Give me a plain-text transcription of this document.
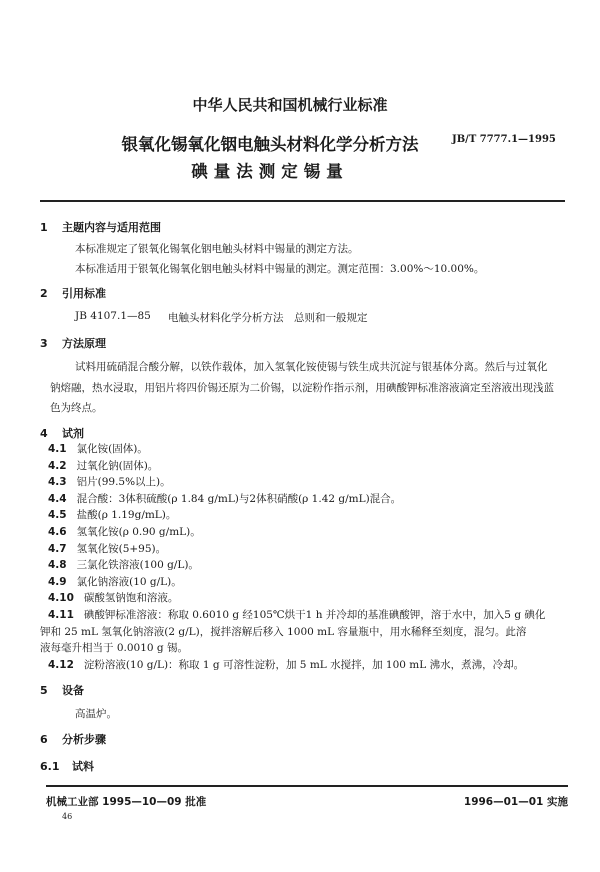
中华人民共和国机械行业标准
银氧化锡氧化铟电触头材料化学分析方法
碘量法测定锡量
JB/T 7777.1—1995
1 主题内容与适用范围
本标准规定了银氧化锡氧化铟电触头材料中锡量的测定方法。
本标准适用于银氧化锡氧化铟电触头材料中锡量的测定。测定范围：3.00%～10.00%。
2 引用标准
JB 4107.1—85 电触头材料化学分析方法　总则和一般规定
3 方法原理
试料用硫硝混合酸分解，以铁作载体，加入氢氧化铵使锡与铁生成共沉淀与银基体分离。然后与过氧化钠熔融，热水浸取，用铝片将四价锡还原为二价锡，以淀粉作指示剂，用碘酸钾标准溶液滴定至溶液出现浅蓝色为终点。
4 试剂
4.1 氯化铵(固体)。
4.2 过氧化钠(固体)。
4.3 铝片(99.5%以上)。
4.4 混合酸：3体积硫酸(ρ 1.84 g/mL)与2体积硝酸(ρ 1.42 g/mL)混合。
4.5 盐酸(ρ 1.19g/mL)。
4.6 氢氧化铵(ρ 0.90 g/mL)。
4.7 氢氧化铵(5+95)。
4.8 三氯化铁溶液(100 g/L)。
4.9 氯化钠溶液(10 g/L)。
4.10 碳酸氢钠饱和溶液。
4.11 碘酸钾标准溶液：称取 0.6010 g 经105℃烘干1 h 并冷却的基准碘酸钾，溶于水中，加入5 g 碘化
钾和 25 mL 氢氧化钠溶液(2 g/L)，搅拌溶解后移入 1000 mL 容量瓶中，用水稀释至刻度，混匀。此溶
液每毫升相当于 0.0010 g 锡。
4.12 淀粉溶液(10 g/L)：称取 1 g 可溶性淀粉，加 5 mL 水搅拌，加 100 mL 沸水，煮沸，冷却。
5 设备
高温炉。
6 分析步骤
6.1 试料
机械工业部 1995—10—09 批准	1996—01—01 实施
46
